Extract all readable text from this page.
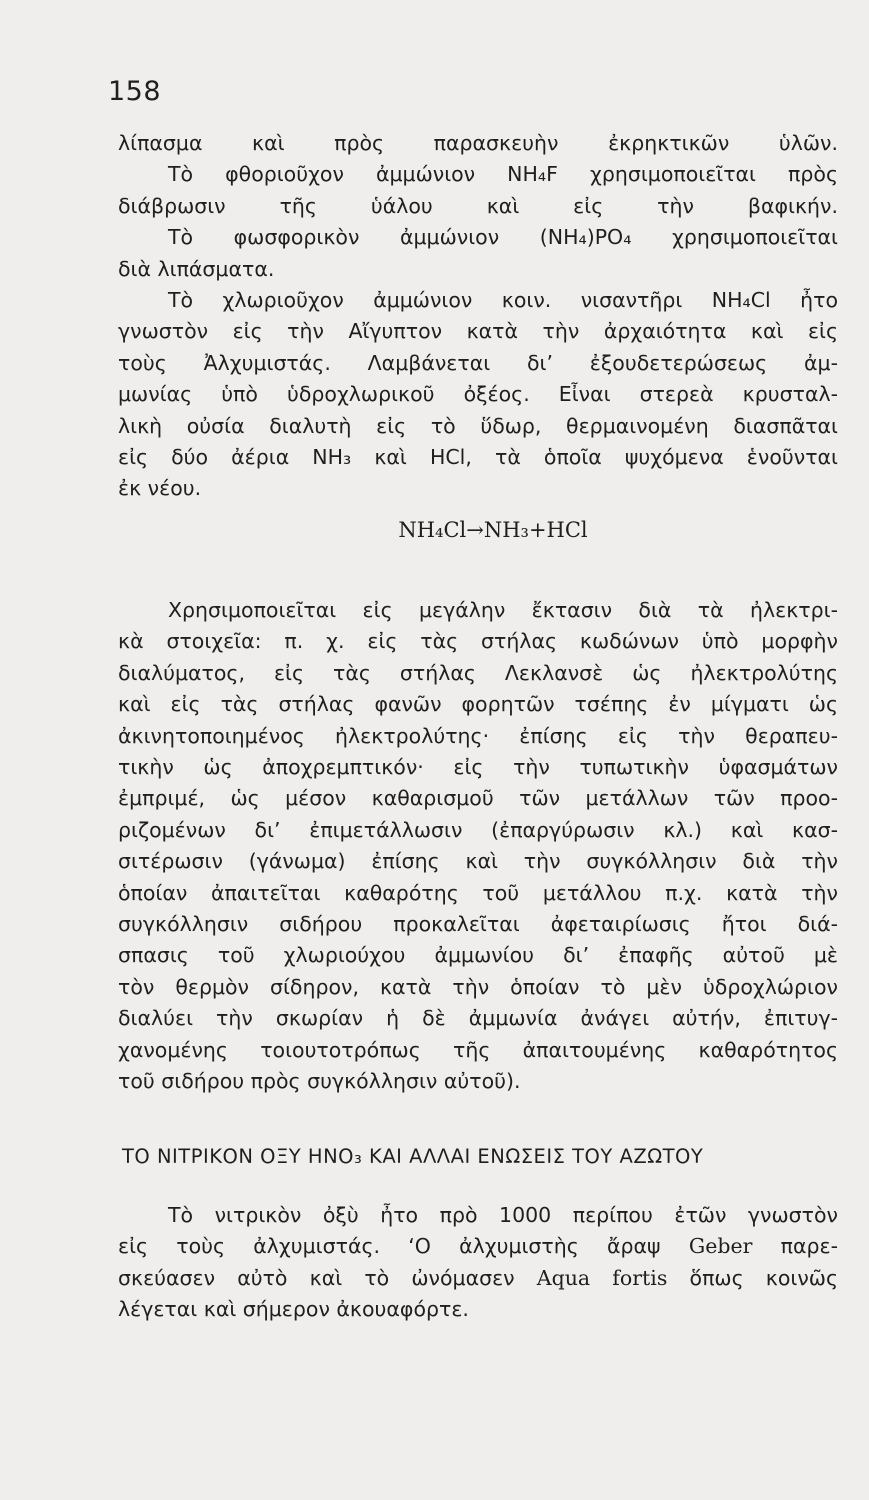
158
λίπασμα καὶ πρὸς παρασκευὴν ἐκρηκτικῶν ὑλῶν.
Τὸ φθοριοῦχον ἀμμώνιον NH₄F χρησιμοποιεῖται πρὸς
διάβρωσιν τῆς ὑάλου καὶ εἰς τὴν βαφικήν.
Τὸ φωσφορικὸν ἀμμώνιον (NH₄)PO₄ χρησιμοποιεῖται
διὰ λιπάσματα.
Τὸ χλωριοῦχον ἀμμώνιον κοιν. νισαντῆρι NH₄Cl ἦτο
γνωστὸν εἰς τὴν Αἴγυπτον κατὰ τὴν ἀρχαιότητα καὶ εἰς
τοὺς Ἀλχυμιστάς. Λαμβάνεται δι’ ἐξουδετερώσεως ἀμ-
μωνίας ὑπὸ ὑδροχλωρικοῦ ὀξέος. Εἶναι στερεὰ κρυσταλ-
λικὴ οὐσία διαλυτὴ εἰς τὸ ὕδωρ, θερμαινομένη διασπᾶται
εἰς δύο ἀέρια NH₃ καὶ HCl, τὰ ὁποῖα ψυχόμενα ἑνοῦνται
ἐκ νέου.
NH₄Cl→NH₃+HCl
Χρησιμοποιεῖται εἰς μεγάλην ἔκτασιν διὰ τὰ ἠλεκτρι-
κὰ στοιχεῖα: π. χ. εἰς τὰς στήλας κωδώνων ὑπὸ μορφὴν
διαλύματος, εἰς τὰς στήλας Λεκλανσὲ ὡς ἠλεκτρολύτης
καὶ εἰς τὰς στήλας φανῶν φορητῶν τσέπης ἐν μίγματι ὡς
ἀκινητοποιημένος ἠλεκτρολύτης· ἐπίσης εἰς τὴν θεραπευ-
τικὴν ὡς ἀποχρεμπτικόν· εἰς τὴν τυπωτικὴν ὑφασμάτων
ἐμπριμέ, ὡς μέσον καθαρισμοῦ τῶν μετάλλων τῶν προο-
ριζομένων δι’ ἐπιμετάλλωσιν (ἐπαργύρωσιν κλ.) καὶ κασ-
σιτέρωσιν (γάνωμα) ἐπίσης καὶ τὴν συγκόλλησιν διὰ τὴν
ὁποίαν ἀπαιτεῖται καθαρότης τοῦ μετάλλου π.χ. κατὰ τὴν
συγκόλλησιν σιδήρου προκαλεῖται ἀφεταιρίωσις ἤτοι διά-
σπασις τοῦ χλωριούχου ἀμμωνίου δι’ ἐπαφῆς αὐτοῦ μὲ
τὸν θερμὸν σίδηρον, κατὰ τὴν ὁποίαν τὸ μὲν ὑδροχλώριον
διαλύει τὴν σκωρίαν ἡ δὲ ἀμμωνία ἀνάγει αὐτήν, ἐπιτυγ-
χανομένης τοιουτοτρόπως τῆς ἀπαιτουμένης καθαρότητος
τοῦ σιδήρου πρὸς συγκόλλησιν αὐτοῦ).
ΤΟ ΝΙΤΡΙΚΟΝ ΟΞΥ ΗΝΟ₃ ΚΑΙ ΑΛΛΑΙ ΕΝΩΣΕΙΣ ΤΟΥ ΑΖΩΤΟΥ
Τὸ νιτρικὸν ὀξὺ ἦτο πρὸ 1000 περίπου ἐτῶν γνωστὸν
εἰς τοὺς ἀλχυμιστάς. ‘Ο ἀλχυμιστὴς ἄραψ Geber παρε-
σκεύασεν αὐτὸ καὶ τὸ ὠνόμασεν Aqua fortis ὅπως κοινῶς
λέγεται καὶ σήμερον ἀκουαφόρτε.
